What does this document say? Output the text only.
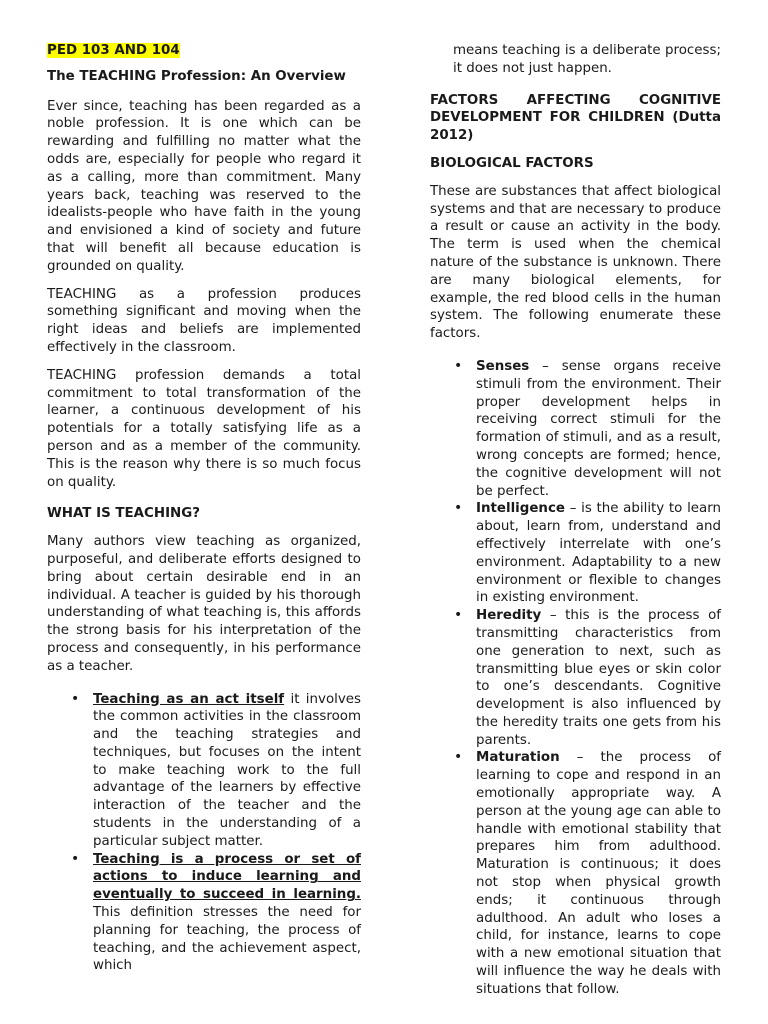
PED 103 AND 104

The TEACHING Profession: An Overview

Ever since, teaching has been regarded as a noble profession. It is one which can be rewarding and fulfilling no matter what the odds are, especially for people who regard it as a calling, more than commitment. Many years back, teaching was reserved to the idealists-people who have faith in the young and envisioned a kind of society and future that will benefit all because education is grounded on quality.

TEACHING as a profession produces something significant and moving when the right ideas and beliefs are implemented effectively in the classroom.

TEACHING profession demands a total commitment to total transformation of the learner, a continuous development of his potentials for a totally satisfying life as a person and as a member of the community. This is the reason why there is so much focus on quality.

WHAT IS TEACHING?

Many authors view teaching as organized, purposeful, and deliberate efforts designed to bring about certain desirable end in an individual. A teacher is guided by his thorough understanding of what teaching is, this affords the strong basis for his interpretation of the process and consequently, in his performance as a teacher.

• Teaching as an act itself it involves the common activities in the classroom and the teaching strategies and techniques, but focuses on the intent to make teaching work to the full advantage of the learners by effective interaction of the teacher and the students in the understanding of a particular subject matter.
• Teaching is a process or set of actions to induce learning and eventually to succeed in learning. This definition stresses the need for planning for teaching, the process of teaching, and the achievement aspect, which

means teaching is a deliberate process; it does not just happen.

FACTORS AFFECTING COGNITIVE DEVELOPMENT FOR CHILDREN (Dutta 2012)

BIOLOGICAL FACTORS

These are substances that affect biological systems and that are necessary to produce a result or cause an activity in the body. The term is used when the chemical nature of the substance is unknown. There are many biological elements, for example, the red blood cells in the human system. The following enumerate these factors.

• Senses – sense organs receive stimuli from the environment. Their proper development helps in receiving correct stimuli for the formation of stimuli, and as a result, wrong concepts are formed; hence, the cognitive development will not be perfect.
• Intelligence – is the ability to learn about, learn from, understand and effectively interrelate with one’s environment. Adaptability to a new environment or flexible to changes in existing environment.
• Heredity – this is the process of transmitting characteristics from one generation to next, such as transmitting blue eyes or skin color to one’s descendants. Cognitive development is also influenced by the heredity traits one gets from his parents.
• Maturation – the process of learning to cope and respond in an emotionally appropriate way. A person at the young age can able to handle with emotional stability that prepares him from adulthood. Maturation is continuous; it does not stop when physical growth ends; it continuous through adulthood. An adult who loses a child, for instance, learns to cope with a new emotional situation that will influence the way he deals with situations that follow.
